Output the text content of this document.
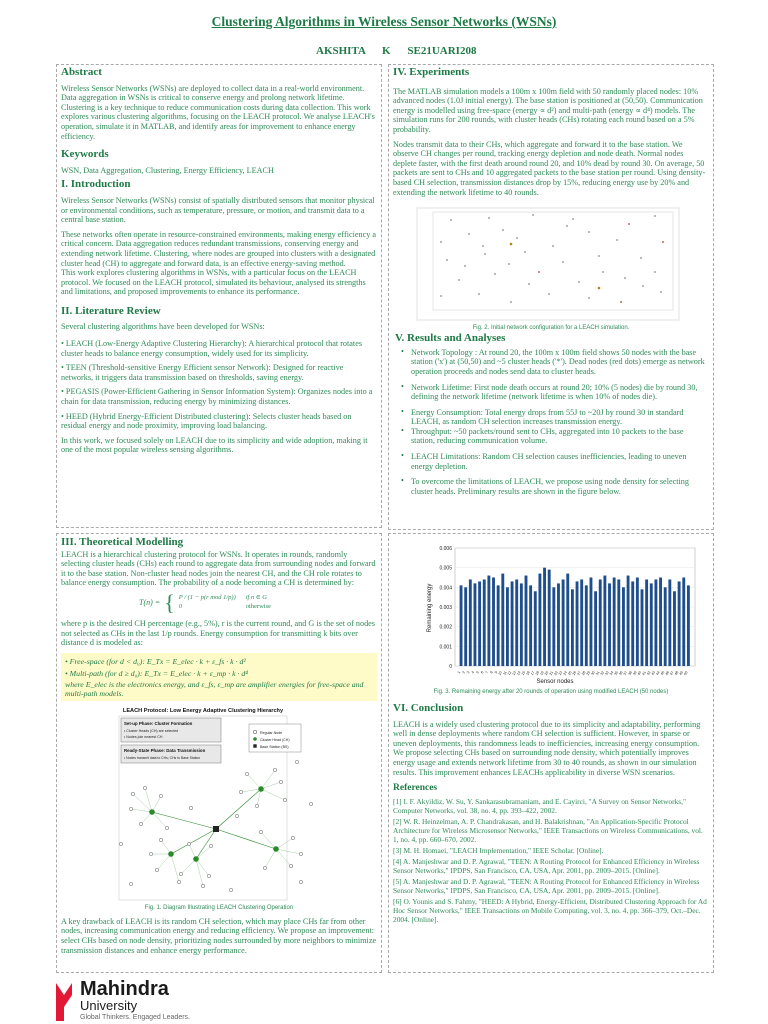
Clustering Algorithms in Wireless Sensor Networks (WSNs)
AKSHITA K SE21UARI208
Abstract

Wireless Sensor Networks (WSNs) are deployed to collect data in a real-world environment. Data aggregation in WSNs is critical to conserve energy and prolong network lifetime. Clustering is a key technique to reduce communication costs during data collection. This work explores various clustering algorithms, focusing on the LEACH protocol. We analyse LEACH's operation, simulate it in MATLAB, and identify areas for improvement to enhance energy efficiency.

Keywords

WSN, Data Aggregation, Clustering, Energy Efficiency, LEACH

I. Introduction

Wireless Sensor Networks (WSNs) consist of spatially distributed sensors that monitor physical or environmental conditions, such as temperature, pressure, or motion, and transmit data to a central base station.

These networks often operate in resource-constrained environments, making energy efficiency a critical concern. Data aggregation reduces redundant transmissions, conserving energy and extending network lifetime. Clustering, where nodes are grouped into clusters with a designated cluster head (CH) to aggregate and forward data, is an effective energy-saving method.

This work explores clustering algorithms in WSNs, with a particular focus on the LEACH protocol. We focused on the LEACH protocol, simulated its behaviour, analysed its strengths and limitations, and proposed improvements to enhance its performance.

II. Literature Review

Several clustering algorithms have been developed for WSNs:

• LEACH (Low-Energy Adaptive Clustering Hierarchy): A hierarchical protocol that rotates cluster heads to balance energy consumption, widely used for its simplicity.

• TEEN (Threshold-sensitive Energy Efficient sensor Network): Designed for reactive networks, it triggers data transmission based on thresholds, saving energy.

• PEGASIS (Power-Efficient Gathering in Sensor Information System): Organizes nodes into a chain for data transmission, reducing energy by minimizing distances.

• HEED (Hybrid Energy-Efficient Distributed clustering): Selects cluster heads based on residual energy and node proximity, improving load balancing.

In this work, we focused solely on LEACH due to its simplicity and wide adoption, making it one of the most popular wireless sensing algorithms.

III. Theoretical Modelling

LEACH is a hierarchical clustering protocol for WSNs. It operates in rounds, randomly selecting cluster heads (CHs) each round to aggregate data from surrounding nodes and forward it to the base station. Non-cluster head nodes join the nearest CH, and the CH role rotates to balance energy consumption. The probability of a node becoming a CH is determined by:

T(n) = { P / (1 − p(r mod 1/p)) if n ∈ G
0	otherwise

where p is the desired CH percentage (e.g., 5%), r is the current round, and G is the set of nodes not selected as CHs in the last 1/p rounds. Energy consumption for transmitting k bits over distance d is modeled as:

• Free-space (for d < d₀): E_Tx = E_elec · k + ε_fs · k · d²
• Multi-path (for d ≥ d₀): E_Tx = E_elec · k + ε_mp · k · d⁴
where E_elec is the electronics energy, and ε_fs, ε_mp are amplifier energies for free-space and multi-path models.
LEACH Protocol: Low Energy Adaptive Clustering Hierarchy
Set-up Phase: Cluster Formation
• Cluster Heads (CH) are selected
• Nodes join nearest CH
Ready-State Phase: Data Transmission
• Nodes transmit data to CHs; CHs to Base Station
Regular Node
Cluster Head (CH)
Base Station (BS)
Fig. 1. Diagram Illustrating LEACH Clustering Operation

A key drawback of LEACH is its random CH selection, which may place CHs far from other nodes, increasing communication energy and reducing efficiency. We propose an improvement: select CHs based on node density, prioritizing nodes surrounded by more neighbors to minimize transmission distances and enhance energy performance.

IV. Experiments

The MATLAB simulation models a 100m x 100m field with 50 randomly placed nodes: 10% advanced nodes (1.0J initial energy). The base station is positioned at (50,50). Communication energy is modelled using free-space (energy ∝ d²) and multi-path (energy ∝ d⁴) models. The simulation runs for 200 rounds, with cluster heads (CHs) rotating each round based on a 5% probability.

Nodes transmit data to their CHs, which aggregate and forward it to the base station. We observe CH changes per round, tracking energy depletion and node death. Normal nodes deplete faster, with the first death around round 20, and 10% dead by round 30. On average, 50 packets are sent to CHs and 10 aggregated packets to the base station per round. Using density-based CH selection, transmission distances drop by 15%, reducing energy use by 20% and extending the network lifetime to 40 rounds.

Fig. 2. Initial network configuration for a LEACH simulation.
V. Results and Analyses
• Network Topology : At round 20, the 100m x 100m field shows 50 nodes with the base station ('x') at (50,50) and ~5 cluster heads ('*'). Dead nodes (red dots) emerge as network operation proceeds and nodes send data to cluster heads.
• Network Lifetime: First node death occurs at round 20; 10% (5 nodes) die by round 30, defining the network lifetime (network lifetime is when 10% of nodes die).
• Energy Consumption: Total energy drops from 55J to ~20J by round 30 in standard LEACH, as random CH selection increases transmission energy.
• Throughput: ~50 packets/round sent to CHs, aggregated into 10 packets to the base station, reducing communication volume.
• LEACH Limitations: Random CH selection causes inefficiencies, leading to uneven energy depletion.
• To overcome the limitations of LEACH, we propose using node density for selecting cluster heads. Preliminary results are shown in the figure below.
0
0.001
0.002
0.003
0.004
0.005
0.006
1 2 3 4 5 6 7 8 9 10 11 12 13 14 15 16 17 18 19 20 21 22 23 24 25 26 27 28 29 30 31 32 33 34 35 36 37 38 39 40 41 42 43 44 45 46 47 48 49 50
Sensor nodes
Remaining energy
Fig. 3. Remaining energy after 20 rounds of operation using modified LEACH (50 nodes)
VI. Conclusion

LEACH is a widely used clustering protocol due to its simplicity and adaptability, performing well in dense deployments where random CH selection is sufficient. However, in sparse or uneven deployments, this randomness leads to inefficiencies, increasing energy consumption.

We propose selecting CHs based on surrounding node density, which potentially improves energy usage and extends network lifetime from 30 to 40 rounds, as shown in our simulation results. This improvement enhances LEACHs applicability in diverse WSN scenarios.

References

[1] I. F. Akyildiz, W. Su, Y. Sankarasubramaniam, and E. Cayirci, "A Survey on Sensor Networks," Computer Networks, vol. 38, no. 4, pp. 393–422, 2002.

[2] W. R. Heinzelman, A. P. Chandrakasan, and H. Balakrishnan, "An Application-Specific Protocol Architecture for Wireless Microsensor Networks," IEEE Transactions on Wireless Communications, vol. 1, no. 4, pp. 660–670, 2002.

[3] M. H. Homaei, "LEACH Implementation," IEEE Scholar. [Online].

[4] A. Manjeshwar and D. P. Agrawal, "TEEN: A Routing Protocol for Enhanced Efficiency in Wireless Sensor Networks," IPDPS, San Francisco, CA, USA, Apr. 2001, pp. 2009–2015. [Online].

[5] A. Manjeshwar and D. P. Agrawal, "TEEN: A Routing Protocol for Enhanced Efficiency in Wireless Sensor Networks," IPDPS, San Francisco, CA, USA, Apr. 2001, pp. 2009–2015. [Online].

[6] O. Younis and S. Fahmy, "HEED: A Hybrid, Energy-Efficient, Distributed Clustering Approach for Ad Hoc Sensor Networks," IEEE Transactions on Mobile Computing, vol. 3, no. 4, pp. 366–379, Oct.–Dec. 2004. [Online].

Mahindra
University
Global Thinkers. Engaged Leaders.
